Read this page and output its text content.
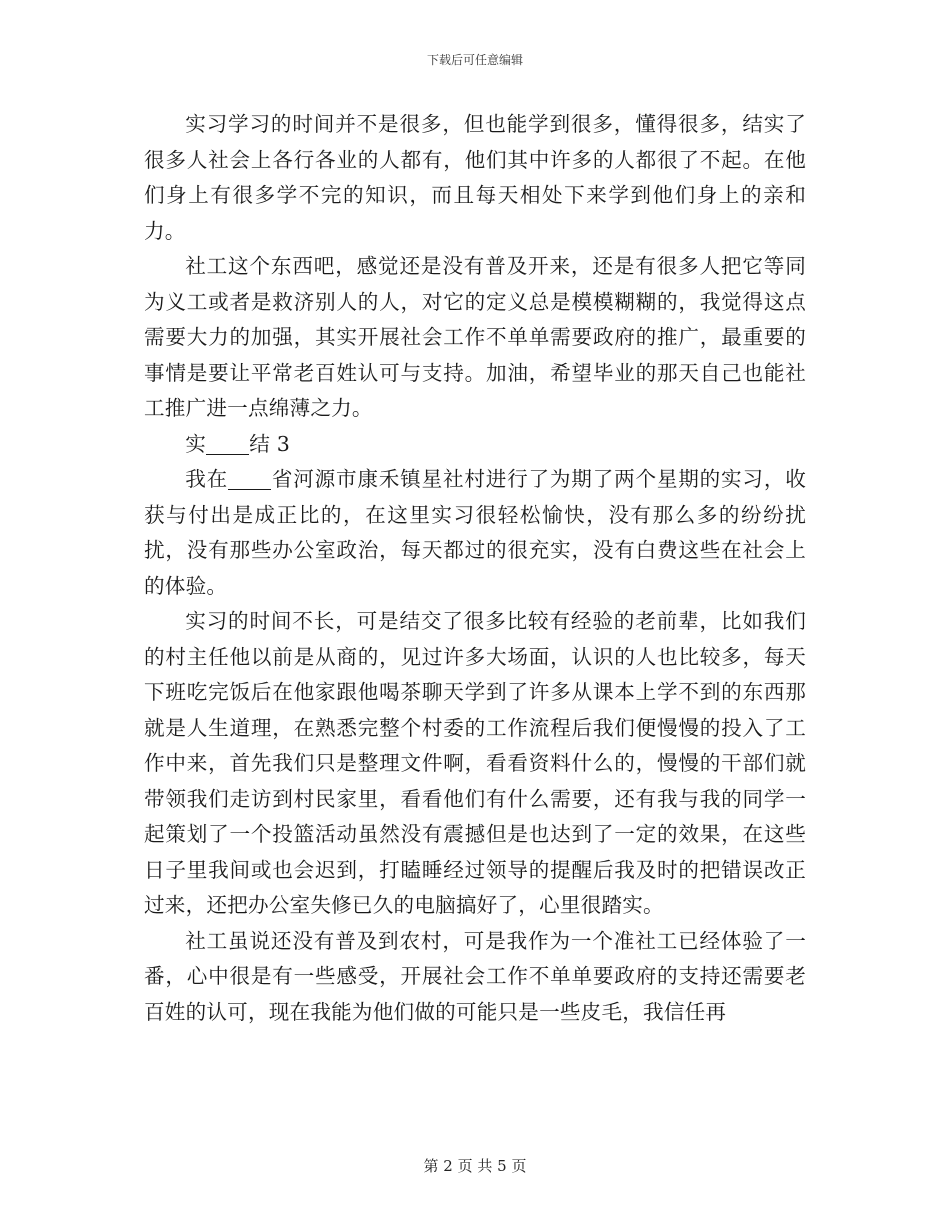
下载后可任意编辑

实习学习的时间并不是很多，但也能学到很多，懂得很多，结实了很多人社会上各行各业的人都有，他们其中许多的人都很了不起。在他们身上有很多学不完的知识，而且每天相处下来学到他们身上的亲和力。

社工这个东西吧，感觉还是没有普及开来，还是有很多人把它等同为义工或者是救济别人的人，对它的定义总是模模糊糊的，我觉得这点需要大力的加强，其实开展社会工作不单单需要政府的推广，最重要的事情是要让平常老百姓认可与支持。加油，希望毕业的那天自己也能社工推广进一点绵薄之力。

实 结 3

我在 省河源市康禾镇星社村进行了为期了两个星期的实习，收获与付出是成正比的，在这里实习很轻松愉快，没有那么多的纷纷扰扰，没有那些办公室政治，每天都过的很充实，没有白费这些在社会上的体验。

实习的时间不长，可是结交了很多比较有经验的老前辈，比如我们的村主任他以前是从商的，见过许多大场面，认识的人也比较多，每天下班吃完饭后在他家跟他喝茶聊天学到了许多从课本上学不到的东西那就是人生道理，在熟悉完整个村委的工作流程后我们便慢慢的投入了工作中来，首先我们只是整理文件啊，看看资料什么的，慢慢的干部们就带领我们走访到村民家里，看看他们有什么需要，还有我与我的同学一起策划了一个投篮活动虽然没有震撼但是也达到了一定的效果，在这些日子里我间或也会迟到，打瞌睡经过领导的提醒后我及时的把错误改正过来，还把办公室失修已久的电脑搞好了，心里很踏实。

社工虽说还没有普及到农村，可是我作为一个准社工已经体验了一番，心中很是有一些感受，开展社会工作不单单要政府的支持还需要老百姓的认可，现在我能为他们做的可能只是一些皮毛，我信任再

第 2 页 共 5 页
